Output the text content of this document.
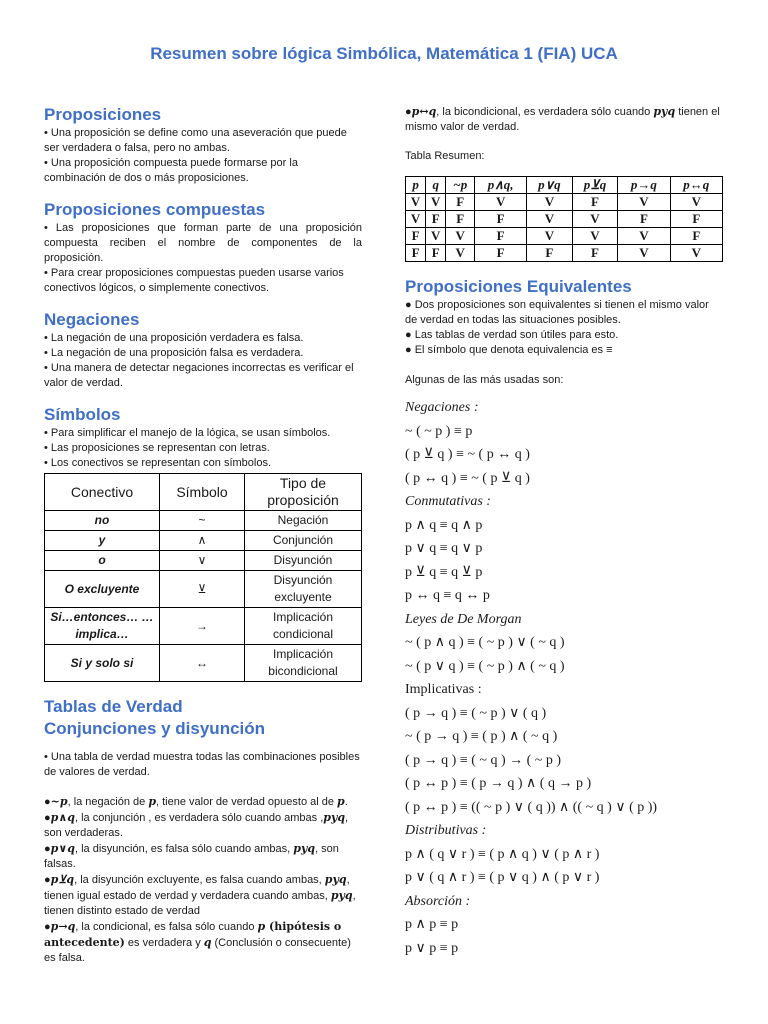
Resumen sobre lógica Simbólica, Matemática 1 (FIA) UCA
Proposiciones

• Una proposición se define como una aseveración que puede ser verdadera o falsa, pero no ambas.

• Una proposición compuesta puede formarse por la combinación de dos o más proposiciones.

Proposiciones compuestas

• Las proposiciones que forman parte de una proposición compuesta reciben el nombre de componentes de la proposición.

• Para crear proposiciones compuestas pueden usarse varios conectivos lógicos, o simplemente conectivos.

Negaciones

• La negación de una proposición verdadera es falsa.

• La negación de una proposición falsa es verdadera.

• Una manera de detectar negaciones incorrectas es verificar el valor de verdad.

Símbolos

• Para simplificar el manejo de la lógica, se usan símbolos.

• Las proposiciones se representan con letras.

• Los conectivos se representan con símbolos.

Conectivo	Símbolo	Tipo de proposición
no	~	Negación
y	∧	Conjunción
o	∨	Disyunción
O excluyente	⊻	Disyunción excluyente
Si…entonces… … implica…	→	Implicación condicional
Si y solo si	↔	Implicación bicondicional
Tablas de Verdad
Conjunciones y disyunción

• Una tabla de verdad muestra todas las combinaciones posibles de valores de verdad.

●~p, la negación de p, tiene valor de verdad opuesto al de p.

●p∧q, la conjunción , es verdadera sólo cuando ambas ,pyq, son verdaderas.

●p∨q, la disyunción, es falsa sólo cuando ambas, pyq, son falsas.

●p⊻q, la disyunción excluyente, es falsa cuando ambas, pyq, tienen igual estado de verdad y verdadera cuando ambas, pyq, tienen distinto estado de verdad

●p→q, la condicional, es falsa sólo cuando p (hipótesis o antecedente) es verdadera y q (Conclusión o consecuente) es falsa.

●p↔q, la bicondicional, es verdadera sólo cuando pyq tienen el mismo valor de verdad.

Tabla Resumen:

p	q	~p	p∧q,	p∨q	p⊻q	p→q	p↔q
V	V	F	V	V	F	V	V
V	F	F	F	V	V	F	F
F	V	V	F	V	V	V	F
F	F	V	F	F	F	V	V
Proposiciones Equivalentes

● Dos proposiciones son equivalentes si tienen el mismo valor de verdad en todas las situaciones posibles.

● Las tablas de verdad son útiles para esto.

● El símbolo que denota equivalencia es ≡

Algunas de las más usadas son:

Negaciones :

~ ( ~ p ) ≡ p

( p ⊻ q ) ≡ ~ ( p ↔ q )

( p ↔ q ) ≡ ~ ( p ⊻ q )

Conmutativas :

p ∧ q ≡ q ∧ p

p ∨ q ≡ q ∨ p

p ⊻ q ≡ q ⊻ p

p ↔ q ≡ q ↔ p

Leyes de De Morgan

~ ( p ∧ q ) ≡ ( ~ p ) ∨ ( ~ q )

~ ( p ∨ q ) ≡ ( ~ p ) ∧ ( ~ q )

Implicativas :

( p → q ) ≡ ( ~ p ) ∨ ( q )

~ ( p → q ) ≡ ( p ) ∧ ( ~ q )

( p → q ) ≡ ( ~ q ) → ( ~ p )

( p ↔ p ) ≡ ( p → q ) ∧ ( q → p )

( p ↔ p ) ≡ (( ~ p ) ∨ ( q )) ∧ (( ~ q ) ∨ ( p ))

Distributivas :

p ∧ ( q ∨ r ) ≡ ( p ∧ q ) ∨ ( p ∧ r )

p ∨ ( q ∧ r ) ≡ ( p ∨ q ) ∧ ( p ∨ r )

Absorción :

p ∧ p ≡ p

p ∨ p ≡ p
